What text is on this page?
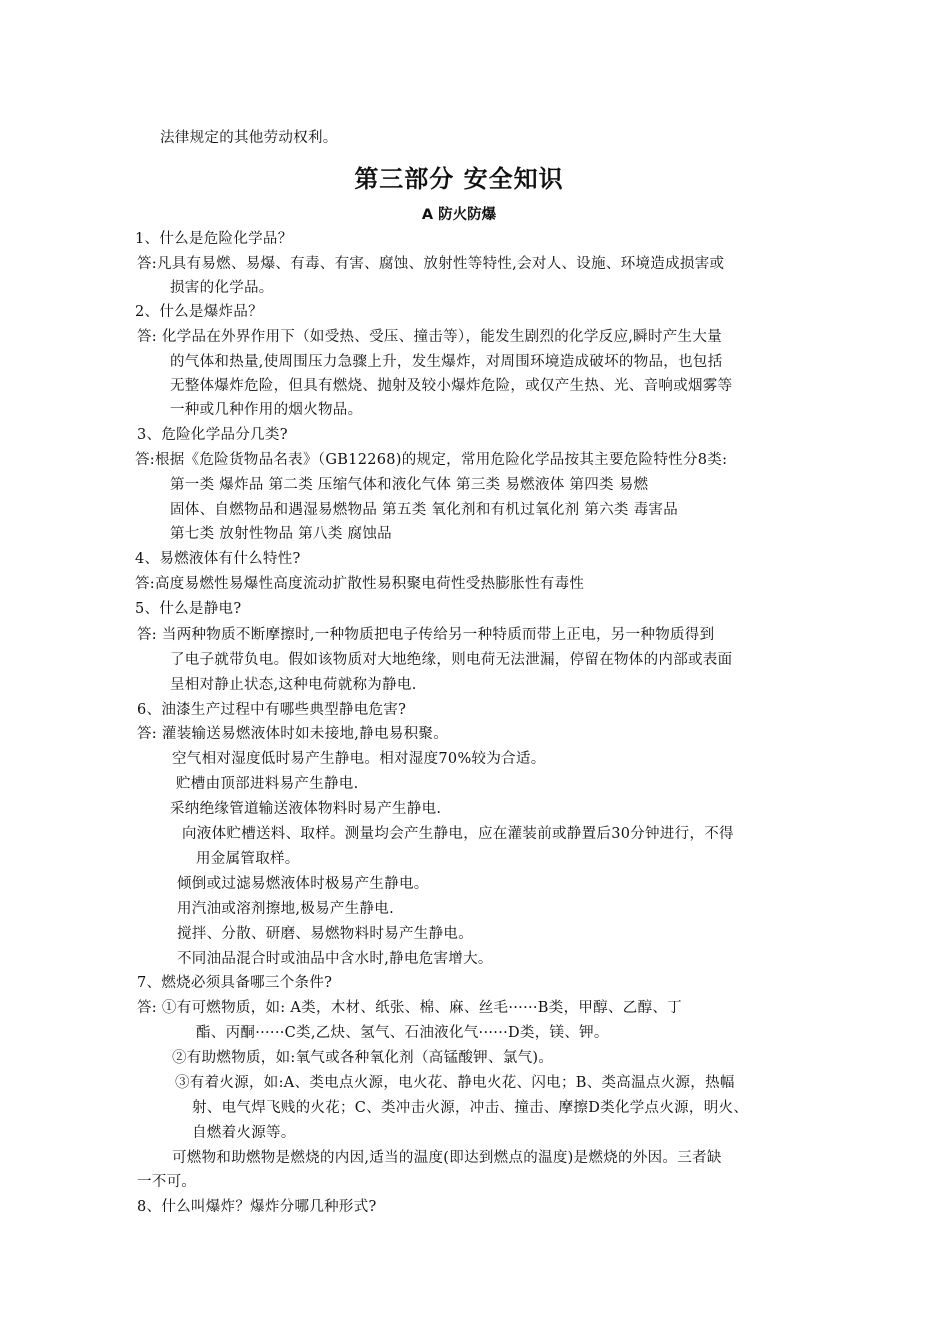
法律规定的其他劳动权利。
第三部分 安全知识
A 防火防爆
1、什么是危险化学品？
答:凡具有易燃、易爆、有毒、有害、腐蚀、放射性等特性,会对人、设施、环境造成损害或
损害的化学品。
2、什么是爆炸品？
答: 化学品在外界作用下（如受热、受压、撞击等），能发生剧烈的化学反应,瞬时产生大量
的气体和热量,使周围压力急骤上升，发生爆炸，对周围环境造成破坏的物品，也包括
无整体爆炸危险，但具有燃烧、抛射及较小爆炸危险，或仅产生热、光、音响或烟雾等
一种或几种作用的烟火物品。
3、危险化学品分几类?
答:根据《危险货物品名表》（GB12268)的规定，常用危险化学品按其主要危险特性分8类:
第一类 爆炸品 第二类 压缩气体和液化气体 第三类 易燃液体 第四类 易燃
固体、自燃物品和遇湿易燃物品 第五类 氧化剂和有机过氧化剂 第六类 毒害品
第七类 放射性物品 第八类 腐蚀品
4、易燃液体有什么特性?
答:高度易燃性易爆性高度流动扩散性易积聚电荷性受热膨胀性有毒性
5、什么是静电?
答: 当两种物质不断摩擦时,一种物质把电子传给另一种特质而带上正电，另一种物质得到
了电子就带负电。假如该物质对大地绝缘，则电荷无法泄漏，停留在物体的内部或表面
呈相对静止状态,这种电荷就称为静电.
6、油漆生产过程中有哪些典型静电危害?
答: 灌装输送易燃液体时如未接地,静电易积聚。
空气相对湿度低时易产生静电。相对湿度70%较为合适。
贮槽由顶部进料易产生静电.
采纳绝缘管道输送液体物料时易产生静电.
向液体贮槽送料、取样。测量均会产生静电，应在灌装前或静置后30分钟进行，不得
用金属管取样。
倾倒或过滤易燃液体时极易产生静电。
用汽油或溶剂擦地,极易产生静电.
搅拌、分散、研磨、易燃物料时易产生静电。
不同油品混合时或油品中含水时,静电危害增大。
7、燃烧必须具备哪三个条件?
答: ①有可燃物质，如: A类，木材、纸张、棉、麻、丝毛······B类，甲醇、乙醇、丁
酯、丙酮······C类,乙炔、氢气、石油液化气······D类，镁、钾。
②有助燃物质，如:氧气或各种氧化剂（高锰酸钾、氯气)。
③有着火源，如:A、类电点火源，电火花、静电火花、闪电；B、类高温点火源，热幅
射、电气焊飞贱的火花；C、类冲击火源，冲击、撞击、摩擦D类化学点火源，明火、
自燃着火源等。
可燃物和助燃物是燃烧的内因,适当的温度(即达到燃点的温度)是燃烧的外因。三者缺
一不可。
8、什么叫爆炸？爆炸分哪几种形式?
